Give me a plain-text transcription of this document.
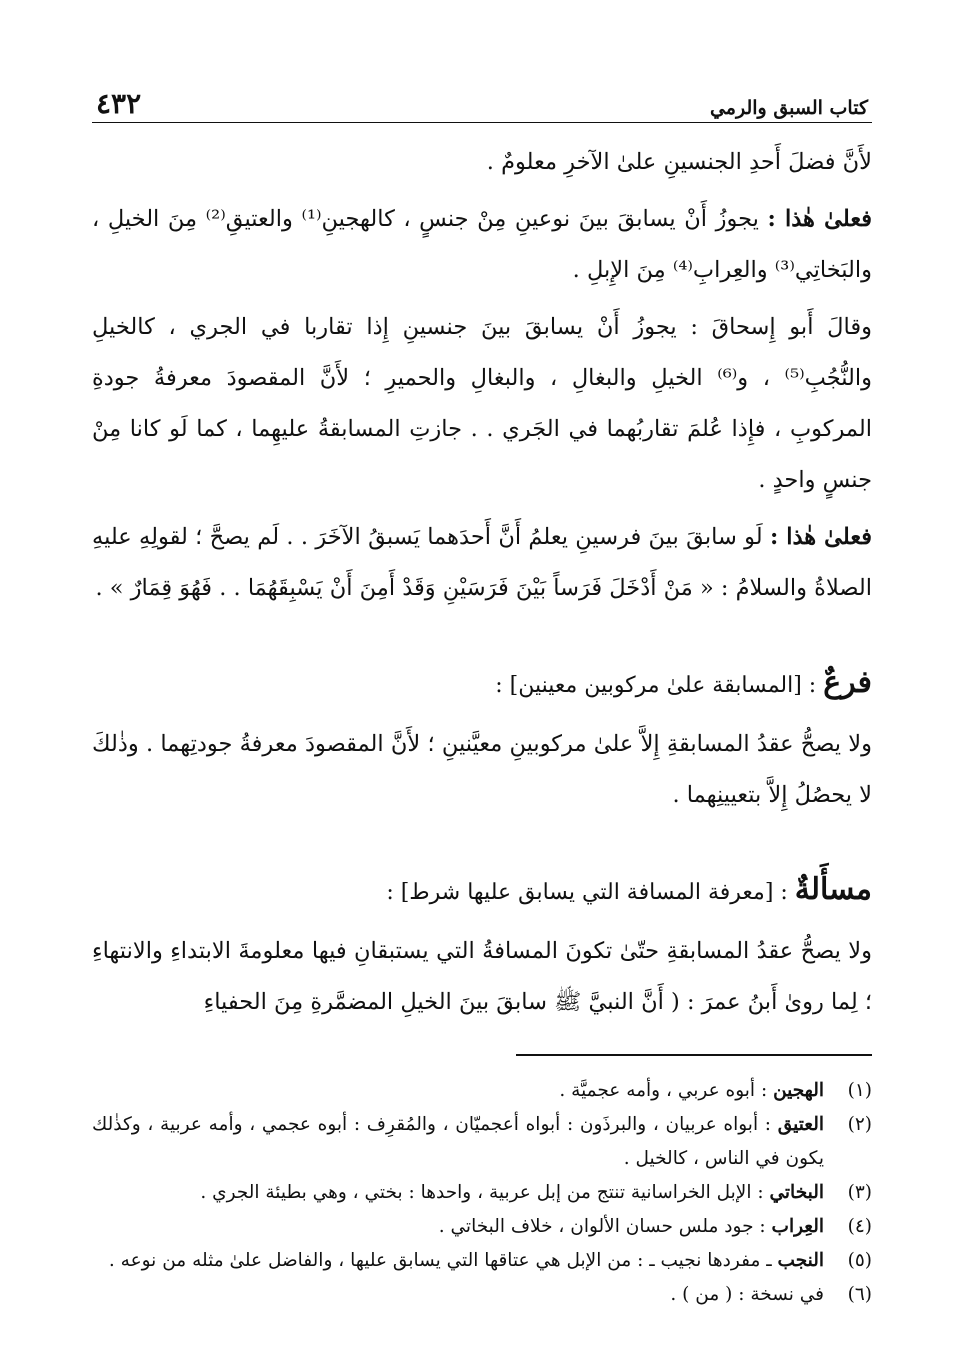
كتاب السبق والرمي
٤٣٢

لأَنَّ فضلَ أَحدِ الجنسينِ علىٰ الآخرِ معلومٌ .

فعلىٰ هٰذا : يجوزُ أَنْ يسابقَ بينَ نوعينِ مِنْ جنسٍ ، كالهجينِ⁽¹⁾ والعتيقِ⁽²⁾ مِنَ الخيلِ ، والبَخاتِي⁽³⁾ والعِرابِ⁽⁴⁾ مِنَ الإِبلِ .

وقالَ أَبو إِسحاقَ : يجوزُ أَنْ يسابقَ بينَ جنسينِ إِذا تقاربا في الجري ، كالخيلِ والنُّجُبِ⁽⁵⁾ ، و⁽⁶⁾ الخيلِ والبغالِ ، والبغالِ والحميرِ ؛ لأَنَّ المقصودَ معرفةُ جودةِ المركوبِ ، فإِذا عُلمَ تقاربُهما في الجَري . . جازتِ المسابقةُ عليهِما ، كما لَو كانا مِنْ جنسٍ واحدٍ .

فعلىٰ هٰذا : لَو سابقَ بينَ فرسينِ يعلمُ أَنَّ أَحدَهما يَسبقُ الآخَرَ . . لَم يصحَّ ؛ لقولِهِ عليهِ الصلاةُ والسلامُ : « مَنْ أَدْخَلَ فَرَساً بَيْنَ فَرَسَيْنِ وَقَدْ أَمِنَ أَنْ يَسْبِقَهُمَا . . فَهُوَ قِمَارٌ » .

فرعٌ : [المسابقة علىٰ مركوبين معينين] :

ولا يصحُّ عقدُ المسابقةِ إِلاَّ علىٰ مركوبينِ معيَّنينِ ؛ لأَنَّ المقصودَ معرفةُ جودتِهما . وذٰلكَ لا يحصُلُ إِلاَّ بتعيينِهما .

مسأَلةٌ : [معرفة المسافة التي يسابق عليها شرط] :

ولا يصحُّ عقدُ المسابقةِ حتّىٰ تكونَ المسافةُ التي يستبقانِ فيها معلومةَ الابتداءِ والانتهاءِ ؛ لِما روىٰ أَبنُ عمرَ : ( أَنَّ النبيَّ ﷺ سابقَ بينَ الخيلِ المضمَّرةِ مِنَ الحفياءِ

(١)
الهجين : أبوه عربي ، وأمه عجميَّة .
(٢)
العتيق : أبواه عربيان ، والبرذَون : أبواه أعجميّان ، والمُقرِف : أبوه عجمي ، وأمه عربية ، وكذٰلك يكون في الناس ، كالخيل .
(٣)
البخاتي : الإبل الخراسانية تنتج من إبل عربية ، واحدها : بختي ، وهي بطيئة الجري .
(٤)
العِراب : جود ملس حسان الألوان ، خلاف البخاتي .
(٥)
النجب ـ مفردها نجيب ـ : من الإبل هي عتاقها التي يسابق عليها ، والفاضل علىٰ مثله من نوعه .
(٦)
في نسخة : ( من ) .
